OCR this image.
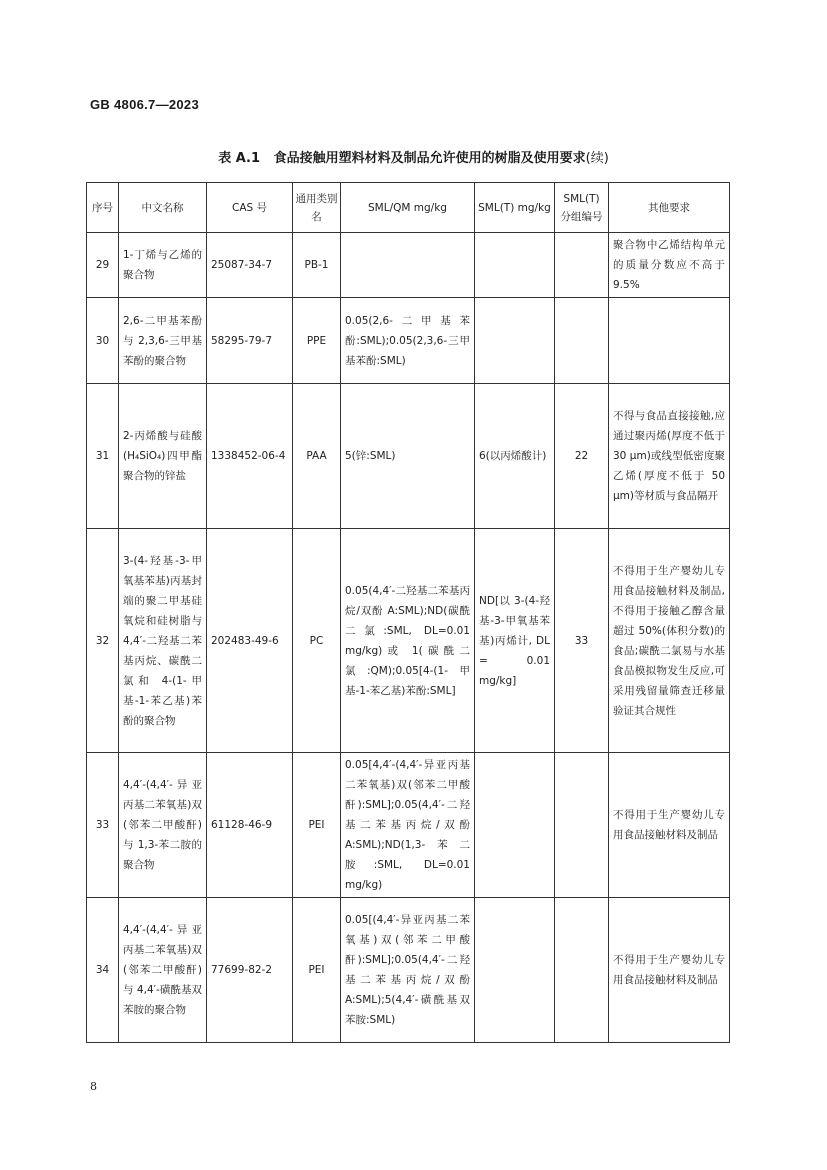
GB 4806.7—2023
表 A.1 食品接触用塑料材料及制品允许使用的树脂及使用要求(续)
序号	中文名称	CAS 号	通用类别名	SML/QM mg/kg	SML(T) mg/kg	SML(T) 分组编号	其他要求
29	1-丁烯与乙烯的聚合物	25087-34-7	PB-1				聚合物中乙烯结构单元的质量分数应不高于 9.5%
30	2,6-二甲基苯酚与 2,3,6-三甲基苯酚的聚合物	58295-79-7	PPE	0.05(2,6-二甲基苯酚:SML);0.05(2,3,6-三甲基苯酚:SML)			
31	2-丙烯酸与硅酸(H₄SiO₄)四甲酯聚合物的锌盐	1338452-06-4	PAA	5(锌:SML)	6(以丙烯酸计)	22	不得与食品直接接触,应通过聚丙烯(厚度不低于 30 μm)或线型低密度聚乙烯(厚度不低于 50 μm)等材质与食品隔开
32	3-(4-羟基-3-甲氧基苯基)丙基封端的聚二甲基硅氧烷和硅树脂与 4,4′-二羟基二苯基丙烷、碳酰二氯和 4-(1-甲基-1-苯乙基)苯酚的聚合物	202483-49-6	PC	0.05(4,4′-二羟基二苯基丙烷/双酚 A:SML);ND(碳酰二氯:SML, DL=0.01 mg/kg)或 1(碳酰二氯:QM);0.05[4-(1-甲基-1-苯乙基)苯酚:SML]	ND[以 3-(4-羟基-3-甲氧基苯基)丙烯计, DL = 0.01 mg/kg]	33	不得用于生产婴幼儿专用食品接触材料及制品,不得用于接触乙醇含量超过 50%(体积分数)的食品;碳酰二氯易与水基食品模拟物发生反应,可采用残留量筛查迁移量验证其合规性
33	4,4′-(4,4′-异亚丙基二苯氧基)双(邻苯二甲酸酐)与 1,3-苯二胺的聚合物	61128-46-9	PEI	0.05[4,4′-(4,4′-异亚丙基二苯氧基)双(邻苯二甲酸酐):SML];0.05(4,4′-二羟基二苯基丙烷/双酚 A:SML);ND(1,3-苯二胺:SML, DL=0.01 mg/kg)			不得用于生产婴幼儿专用食品接触材料及制品
34	4,4′-(4,4′-异亚丙基二苯氧基)双(邻苯二甲酸酐)与 4,4′-磺酰基双苯胺的聚合物	77699-82-2	PEI	0.05[(4,4′-异亚丙基二苯氧基)双(邻苯二甲酸酐):SML];0.05(4,4′-二羟基二苯基丙烷/双酚 A:SML);5(4,4′-磺酰基双苯胺:SML)			不得用于生产婴幼儿专用食品接触材料及制品
8
